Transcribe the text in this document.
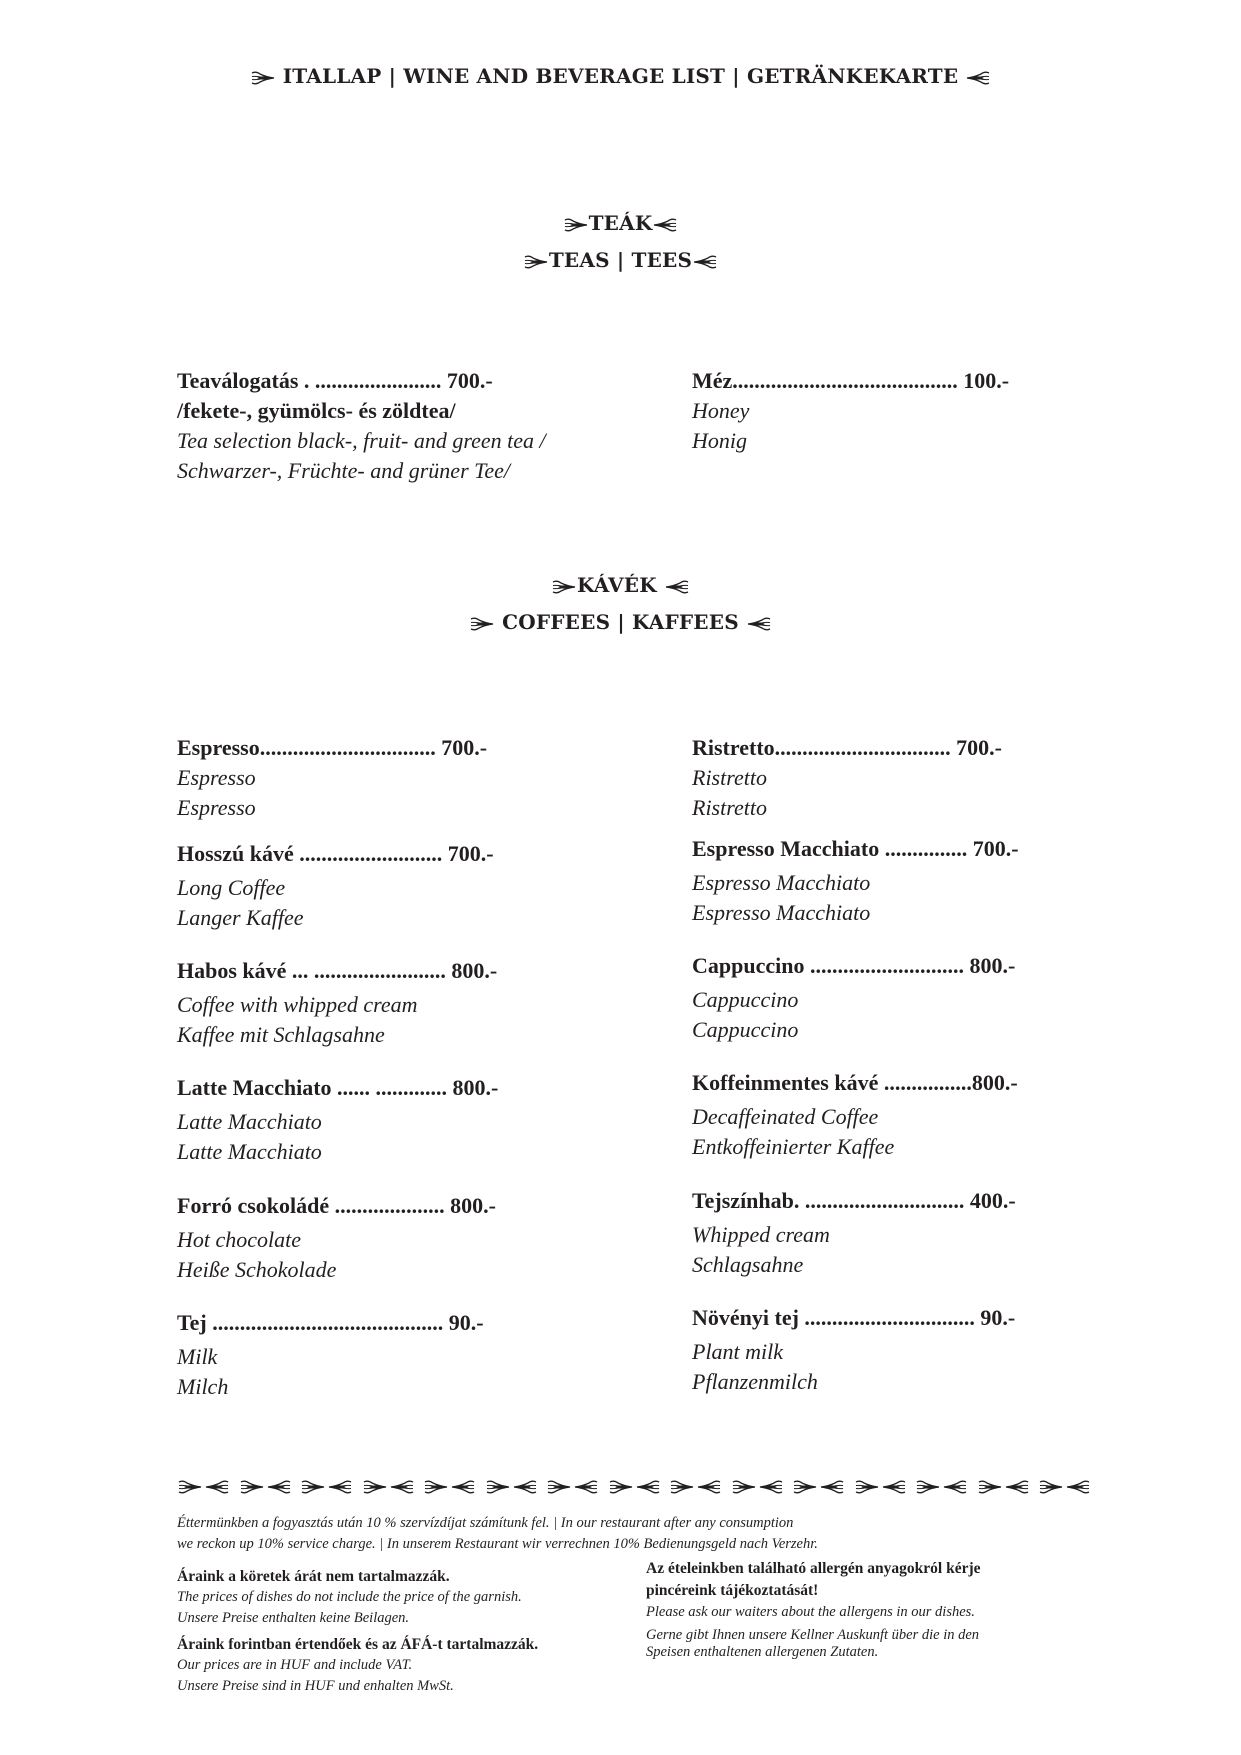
ITALLAP | WINE AND BEVERAGE LIST | GETRÄNKEKARTE
TEÁK
TEAS | TEES
Teaválogatás . ....................... 700.-
/fekete-, gyümölcs- és zöldtea/
Tea selection black-, fruit- and green tea / Schwarzer-, Früchte- and grüner Tee/
Méz......................................... 100.-
Honey
Honig
KÁVÉK
COFFEES | KAFFEES
Espresso................................ 700.-
Espresso
Espresso
Hosszú kávé .......................... 700.-
Long Coffee
Langer Kaffee
Habos kávé ... ........................ 800.-
Coffee with whipped cream
Kaffee mit Schlagsahne
Latte Macchiato ...... ............. 800.-
Latte Macchiato
Latte Macchiato
Forró csokoládé .................... 800.-
Hot chocolate
Heiße Schokolade
Tej .......................................... 90.-
Milk
Milch
Ristretto................................ 700.-
Ristretto
Ristretto
Espresso Macchiato ............... 700.-
Espresso Macchiato
Espresso Macchiato
Cappuccino ............................ 800.-
Cappuccino
Cappuccino
Koffeinmentes kávé ................800.-
Decaffeinated Coffee
Entkoffeinierter Kaffee
Tejszínhab. ............................. 400.-
Whipped cream
Schlagsahne
Növényi tej ............................... 90.-
Plant milk
Pflanzenmilch
Éttermünkben a fogyasztás után 10 % szervízdíjat számítunk fel. | In our restaurant after any consumption
we reckon up 10% service charge. | In unserem Restaurant wir verrechnen 10% Bedienungsgeld nach Verzehr.
Áraink a köretek árát nem tartalmazzák.
The prices of dishes do not include the price of the garnish.
Unsere Preise enthalten keine Beilagen.
Áraink forintban értendőek és az ÁFÁ-t tartalmazzák.
Our prices are in HUF and include VAT.
Unsere Preise sind in HUF und enhalten MwSt.
Az ételeinkben található allergén anyagokról kérje
pincéreink tájékoztatását!
Please ask our waiters about the allergens in our dishes.
Gerne gibt Ihnen unsere Kellner Auskunft über die in den
Speisen enthaltenen allergenen Zutaten.
